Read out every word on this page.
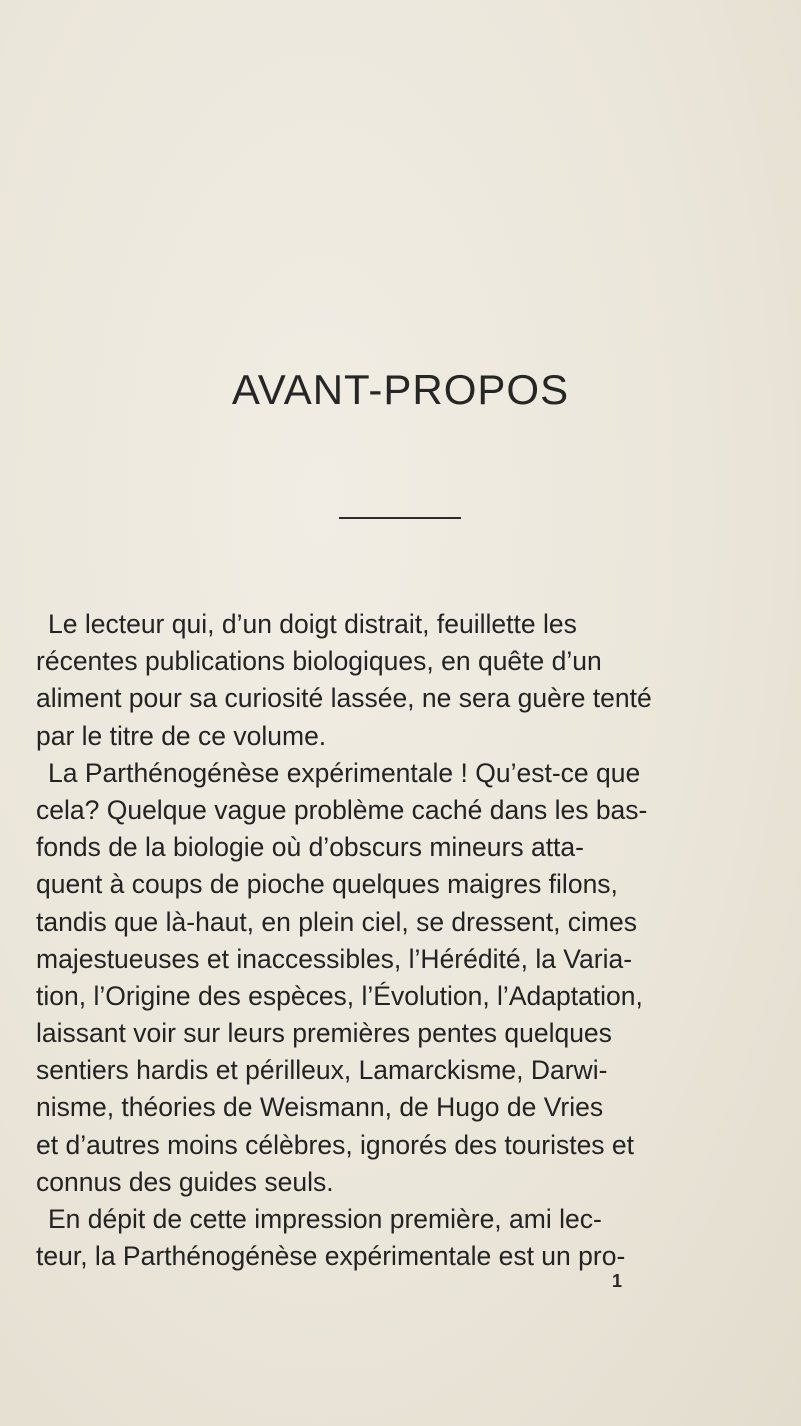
AVANT-PROPOS
Le lecteur qui, d’un doigt distrait, feuillette les
récentes publications biologiques, en quête d’un
aliment pour sa curiosité lassée, ne sera guère tenté
par le titre de ce volume.
La Parthénogénèse expérimentale ! Qu’est-ce que
cela? Quelque vague problème caché dans les bas-
fonds de la biologie où d’obscurs mineurs atta-
quent à coups de pioche quelques maigres filons,
tandis que là-haut, en plein ciel, se dressent, cimes
majestueuses et inaccessibles, l’Hérédité, la Varia-
tion, l’Origine des espèces, l’Évolution, l’Adaptation,
laissant voir sur leurs premières pentes quelques
sentiers hardis et périlleux, Lamarckisme, Darwi-
nisme, théories de Weismann, de Hugo de Vries
et d’autres moins célèbres, ignorés des touristes et
connus des guides seuls.
En dépit de cette impression première, ami lec-
teur, la Parthénogénèse expérimentale est un pro-
1
